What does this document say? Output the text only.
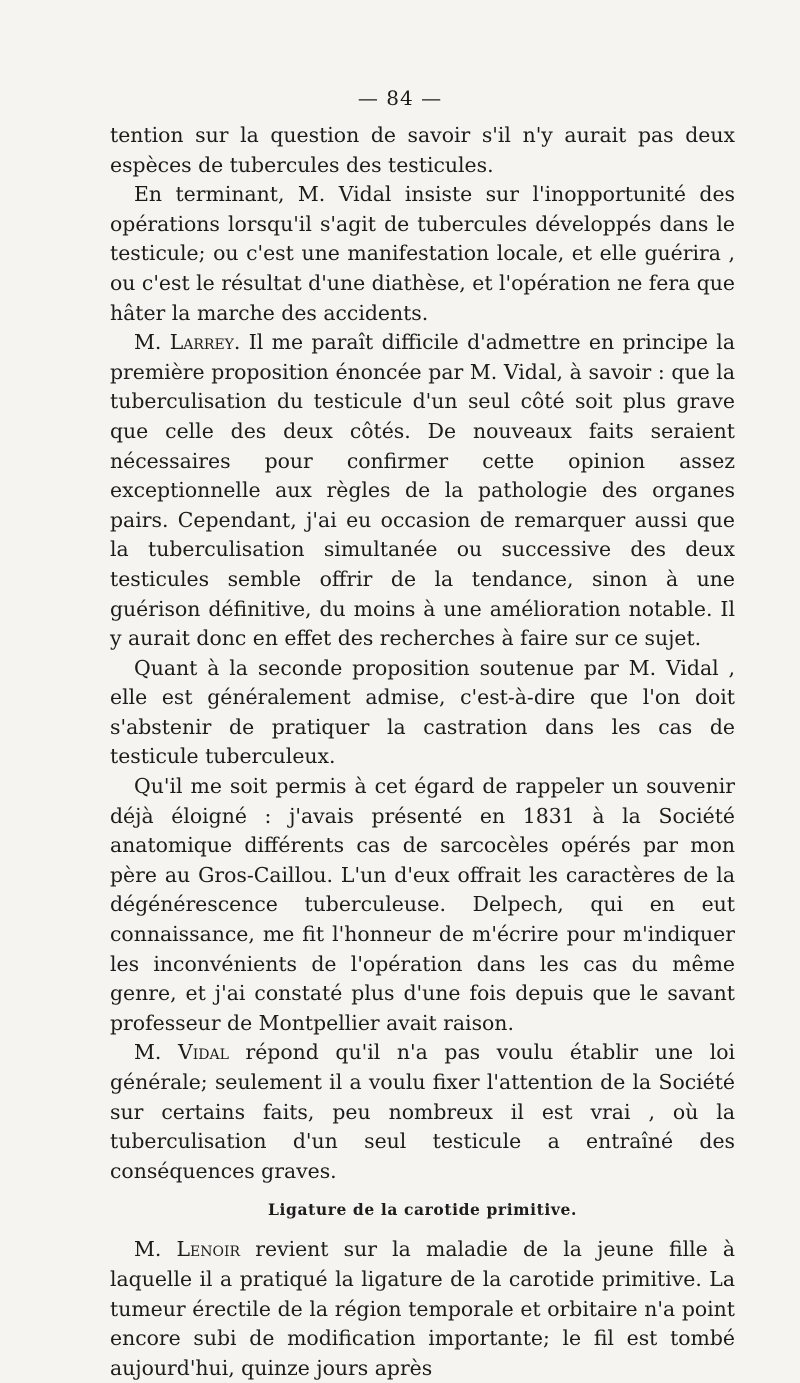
— 84 —

tention sur la question de savoir s'il n'y aurait pas deux espèces de tubercules des testicules.

En terminant, M. Vidal insiste sur l'inopportunité des opérations lorsqu'il s'agit de tubercules développés dans le testicule; ou c'est une manifestation locale, et elle guérira , ou c'est le résultat d'une diathèse, et l'opération ne fera que hâter la marche des accidents.

M. Larrey. Il me paraît difficile d'admettre en principe la première proposition énoncée par M. Vidal, à savoir : que la tuberculisation du testicule d'un seul côté soit plus grave que celle des deux côtés. De nouveaux faits seraient nécessaires pour confirmer cette opinion assez exceptionnelle aux règles de la pathologie des organes pairs. Cependant, j'ai eu occasion de remarquer aussi que la tuberculisation simultanée ou successive des deux testicules semble offrir de la tendance, sinon à une guérison définitive, du moins à une amélioration notable. Il y aurait donc en effet des recherches à faire sur ce sujet.

Quant à la seconde proposition soutenue par M. Vidal , elle est généralement admise, c'est-à-dire que l'on doit s'abstenir de pratiquer la castration dans les cas de testicule tuberculeux.

Qu'il me soit permis à cet égard de rappeler un souvenir déjà éloigné : j'avais présenté en 1831 à la Société anatomique différents cas de sarcocèles opérés par mon père au Gros-Caillou. L'un d'eux offrait les caractères de la dégénérescence tuberculeuse. Delpech, qui en eut connaissance, me fit l'honneur de m'écrire pour m'indiquer les inconvénients de l'opération dans les cas du même genre, et j'ai constaté plus d'une fois depuis que le savant professeur de Montpellier avait raison.

M. Vidal répond qu'il n'a pas voulu établir une loi générale; seulement il a voulu fixer l'attention de la Société sur certains faits, peu nombreux il est vrai , où la tuberculisation d'un seul testicule a entraîné des conséquences graves.

Ligature de la carotide primitive.

M. Lenoir revient sur la maladie de la jeune fille à laquelle il a pratiqué la ligature de la carotide primitive. La tumeur érectile de la région temporale et orbitaire n'a point encore subi de modification importante; le fil est tombé aujourd'hui, quinze jours après
